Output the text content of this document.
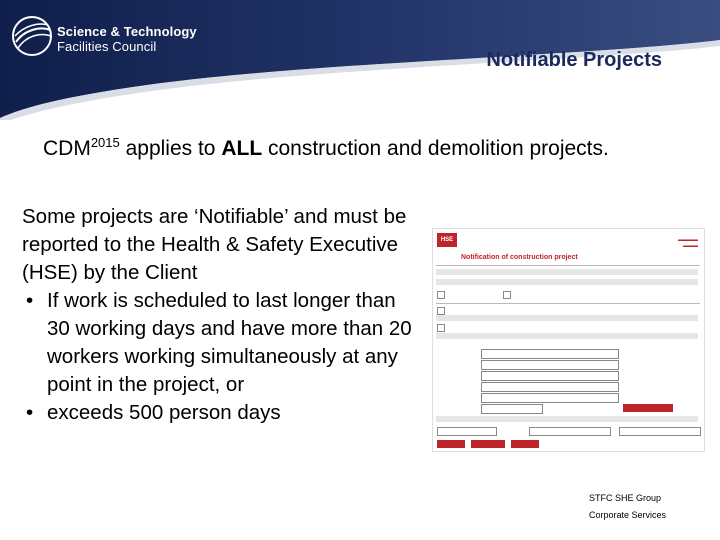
Science & Technology
Facilities Council
Notifiable Projects
$CDM^{2015}$ applies to ALL construction and demolition projects.

Some projects are ‘Notifiable’ and must be reported to the Health & Safety Executive (HSE) by the Client

• If work is scheduled to last longer than 30 working days and have more than 20 workers working simultaneously at any point in the project, or

• exceeds 500 person days

HSE
Notification of construction project
▬▬▬▬
▬▬▬
STFC SHE Group
Corporate Services
